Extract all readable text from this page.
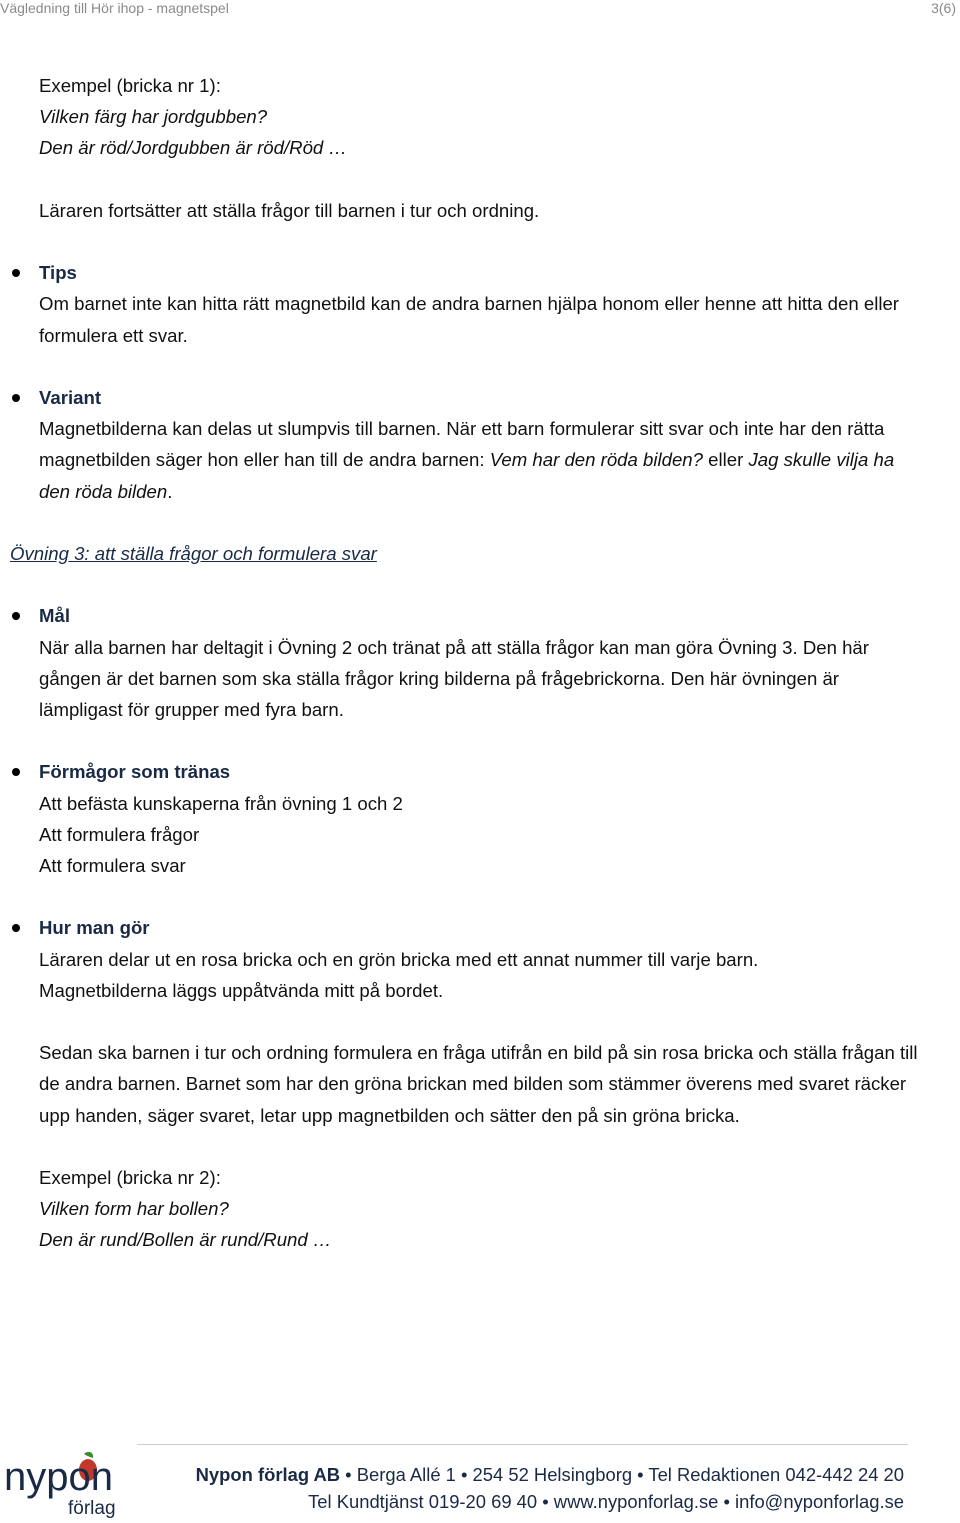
Vägledning till Hör ihop - magnetspel	3(6)

Exempel (bricka nr 1):

Vilken färg har jordgubben?

Den är röd/Jordgubben är röd/Röd …

Läraren fortsätter att ställa frågor till barnen i tur och ordning.

Tips

Om barnet inte kan hitta rätt magnetbild kan de andra barnen hjälpa honom eller henne att hitta den eller formulera ett svar.

Variant

Magnetbilderna kan delas ut slumpvis till barnen. När ett barn formulerar sitt svar och inte har den rätta magnetbilden säger hon eller han till de andra barnen: Vem har den röda bilden? eller Jag skulle vilja ha den röda bilden.

Övning 3: att ställa frågor och formulera svar

Mål

När alla barnen har deltagit i Övning 2 och tränat på att ställa frågor kan man göra Övning 3. Den här gången är det barnen som ska ställa frågor kring bilderna på frågebrickorna. Den här övningen är lämpligast för grupper med fyra barn.

Förmågor som tränas

Att befästa kunskaperna från övning 1 och 2

Att formulera frågor

Att formulera svar

Hur man gör

Läraren delar ut en rosa bricka och en grön bricka med ett annat nummer till varje barn.

Magnetbilderna läggs uppåtvända mitt på bordet.

Sedan ska barnen i tur och ordning formulera en fråga utifrån en bild på sin rosa bricka och ställa frågan till de andra barnen. Barnet som har den gröna brickan med bilden som stämmer överens med svaret räcker upp handen, säger svaret, letar upp magnetbilden och sätter den på sin gröna bricka.

Exempel (bricka nr 2):

Vilken form har bollen?

Den är rund/Bollen är rund/Rund …

nypon
förlag
Nypon förlag AB • Berga Allé 1 • 254 52 Helsingborg • Tel Redaktionen 042-442 24 20
Tel Kundtjänst 019-20 69 40 • www.nyponforlag.se • info@nyponforlag.se
